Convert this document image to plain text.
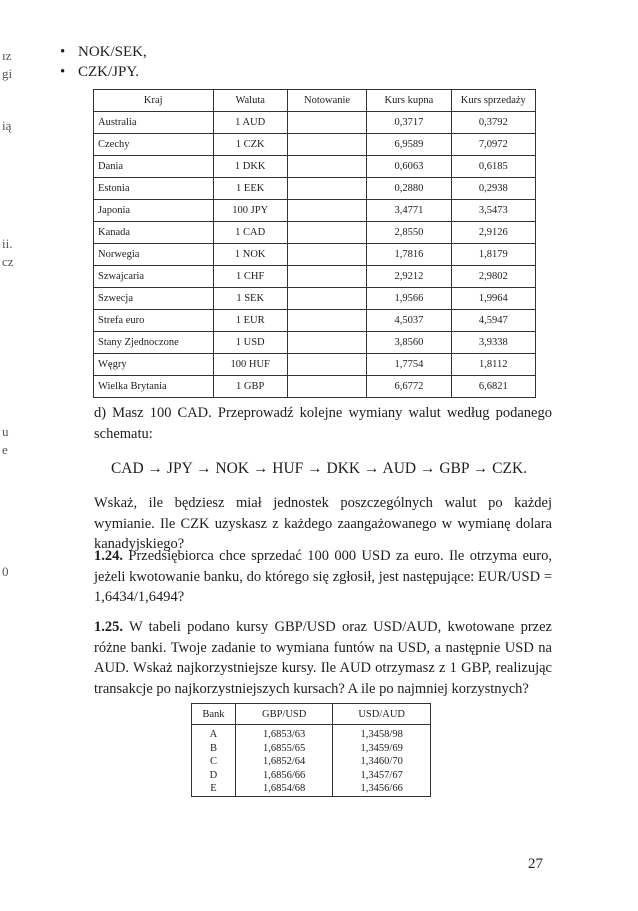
ız
gi
ią
ii.
cz
u
e
0
• NOK/SEK,
• CZK/JPY.
Kraj	Waluta	Notowanie	Kurs kupna	Kurs sprzedaży
Australia	1 AUD		0,3717	0,3792
Czechy	1 CZK		6,9589	7,0972
Dania	1 DKK		0,6063	0,6185
Estonia	1 EEK		0,2880	0,2938
Japonia	100 JPY		3,4771	3,5473
Kanada	1 CAD		2,8550	2,9126
Norwegia	1 NOK		1,7816	1,8179
Szwajcaria	1 CHF		2,9212	2,9802
Szwecja	1 SEK		1,9566	1,9964
Strefa euro	1 EUR		4,5037	4,5947
Stany Zjednoczone	1 USD		3,8560	3,9338
Węgry	100 HUF		1,7754	1,8112
Wielka Brytania	1 GBP		6,6772	6,6821

d) Masz 100 CAD. Przeprowadź kolejne wymiany walut według podanego schematu:

CAD → JPY → NOK → HUF → DKK → AUD → GBP → CZK.

Wskaż, ile będziesz miał jednostek poszczególnych walut po każdej wymianie. Ile CZK uzyskasz z każdego zaangażowanego w wymianę dolara kanadyjskiego?

1.24. Przedsiębiorca chce sprzedać 100 000 USD za euro. Ile otrzyma euro, jeżeli kwotowanie banku, do którego się zgłosił, jest następujące: EUR/USD = 1,6434/1,6494?

1.25. W tabeli podano kursy GBP/USD oraz USD/AUD, kwotowane przez różne banki. Twoje zadanie to wymiana funtów na USD, a następnie USD na AUD. Wskaż najkorzystniejsze kursy. Ile AUD otrzymasz z 1 GBP, realizując transakcje po najkorzystniejszych kursach? A ile po najmniej korzystnych?

Bank	GBP/USD	USD/AUD
A	1,6853/63	1,3458/98
B	1,6855/65	1,3459/69
C	1,6852/64	1,3460/70
D	1,6856/66	1,3457/67
E	1,6854/68	1,3456/66
27
